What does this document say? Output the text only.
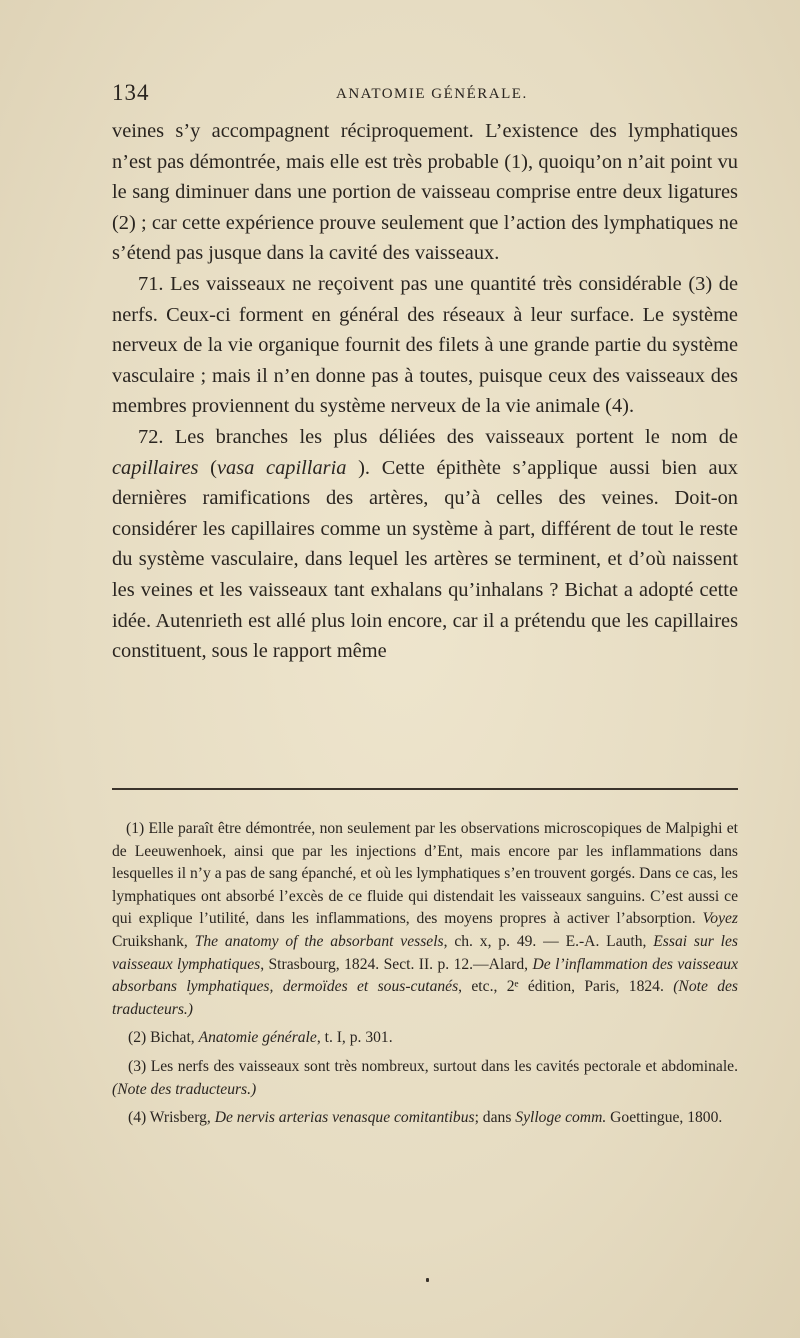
134	ANATOMIE GÉNÉRALE.

veines s’y accompagnent réciproquement. L’existence des lymphatiques n’est pas démontrée, mais elle est très probable (1), quoiqu’on n’ait point vu le sang diminuer dans une portion de vaisseau comprise entre deux ligatures (2) ; car cette expérience prouve seulement que l’action des lymphatiques ne s’étend pas jusque dans la cavité des vaisseaux.

71. Les vaisseaux ne reçoivent pas une quantité très considérable (3) de nerfs. Ceux-ci forment en général des réseaux à leur surface. Le système nerveux de la vie organique fournit des filets à une grande partie du système vasculaire ; mais il n’en donne pas à toutes, puisque ceux des vaisseaux des membres proviennent du système nerveux de la vie animale (4).

72. Les branches les plus déliées des vaisseaux portent le nom de capillaires (vasa capillaria ). Cette épithète s’applique aussi bien aux dernières ramifications des artères, qu’à celles des veines. Doit-on considérer les capillaires comme un système à part, différent de tout le reste du système vasculaire, dans lequel les artères se terminent, et d’où naissent les veines et les vaisseaux tant exhalans qu’inhalans ? Bichat a adopté cette idée. Autenrieth est allé plus loin encore, car il a prétendu que les capillaires constituent, sous le rapport même

(1) Elle paraît être démontrée, non seulement par les observations microscopiques de Malpighi et de Leeuwenhoek, ainsi que par les injections d’Ent, mais encore par les inflammations dans lesquelles il n’y a pas de sang épanché, et où les lymphatiques s’en trouvent gorgés. Dans ce cas, les lymphatiques ont absorbé l’excès de ce fluide qui distendait les vaisseaux sanguins. C’est aussi ce qui explique l’utilité, dans les inflammations, des moyens propres à activer l’absorption. Voyez Cruikshank, The anatomy of the absorbant vessels, ch. x, p. 49. — E.-A. Lauth, Essai sur les vaisseaux lymphatiques, Strasbourg, 1824. Sect. II. p. 12.—Alard, De l’inflammation des vaisseaux absorbans lymphatiques, dermoïdes et sous-cutanés, etc., 2ᵉ édition, Paris, 1824. (Note des traducteurs.)

(2) Bichat, Anatomie générale, t. I, p. 301.

(3) Les nerfs des vaisseaux sont très nombreux, surtout dans les cavités pectorale et abdominale. (Note des traducteurs.)

(4) Wrisberg, De nervis arterias venasque comitantibus; dans Sylloge comm. Goettingue, 1800.
